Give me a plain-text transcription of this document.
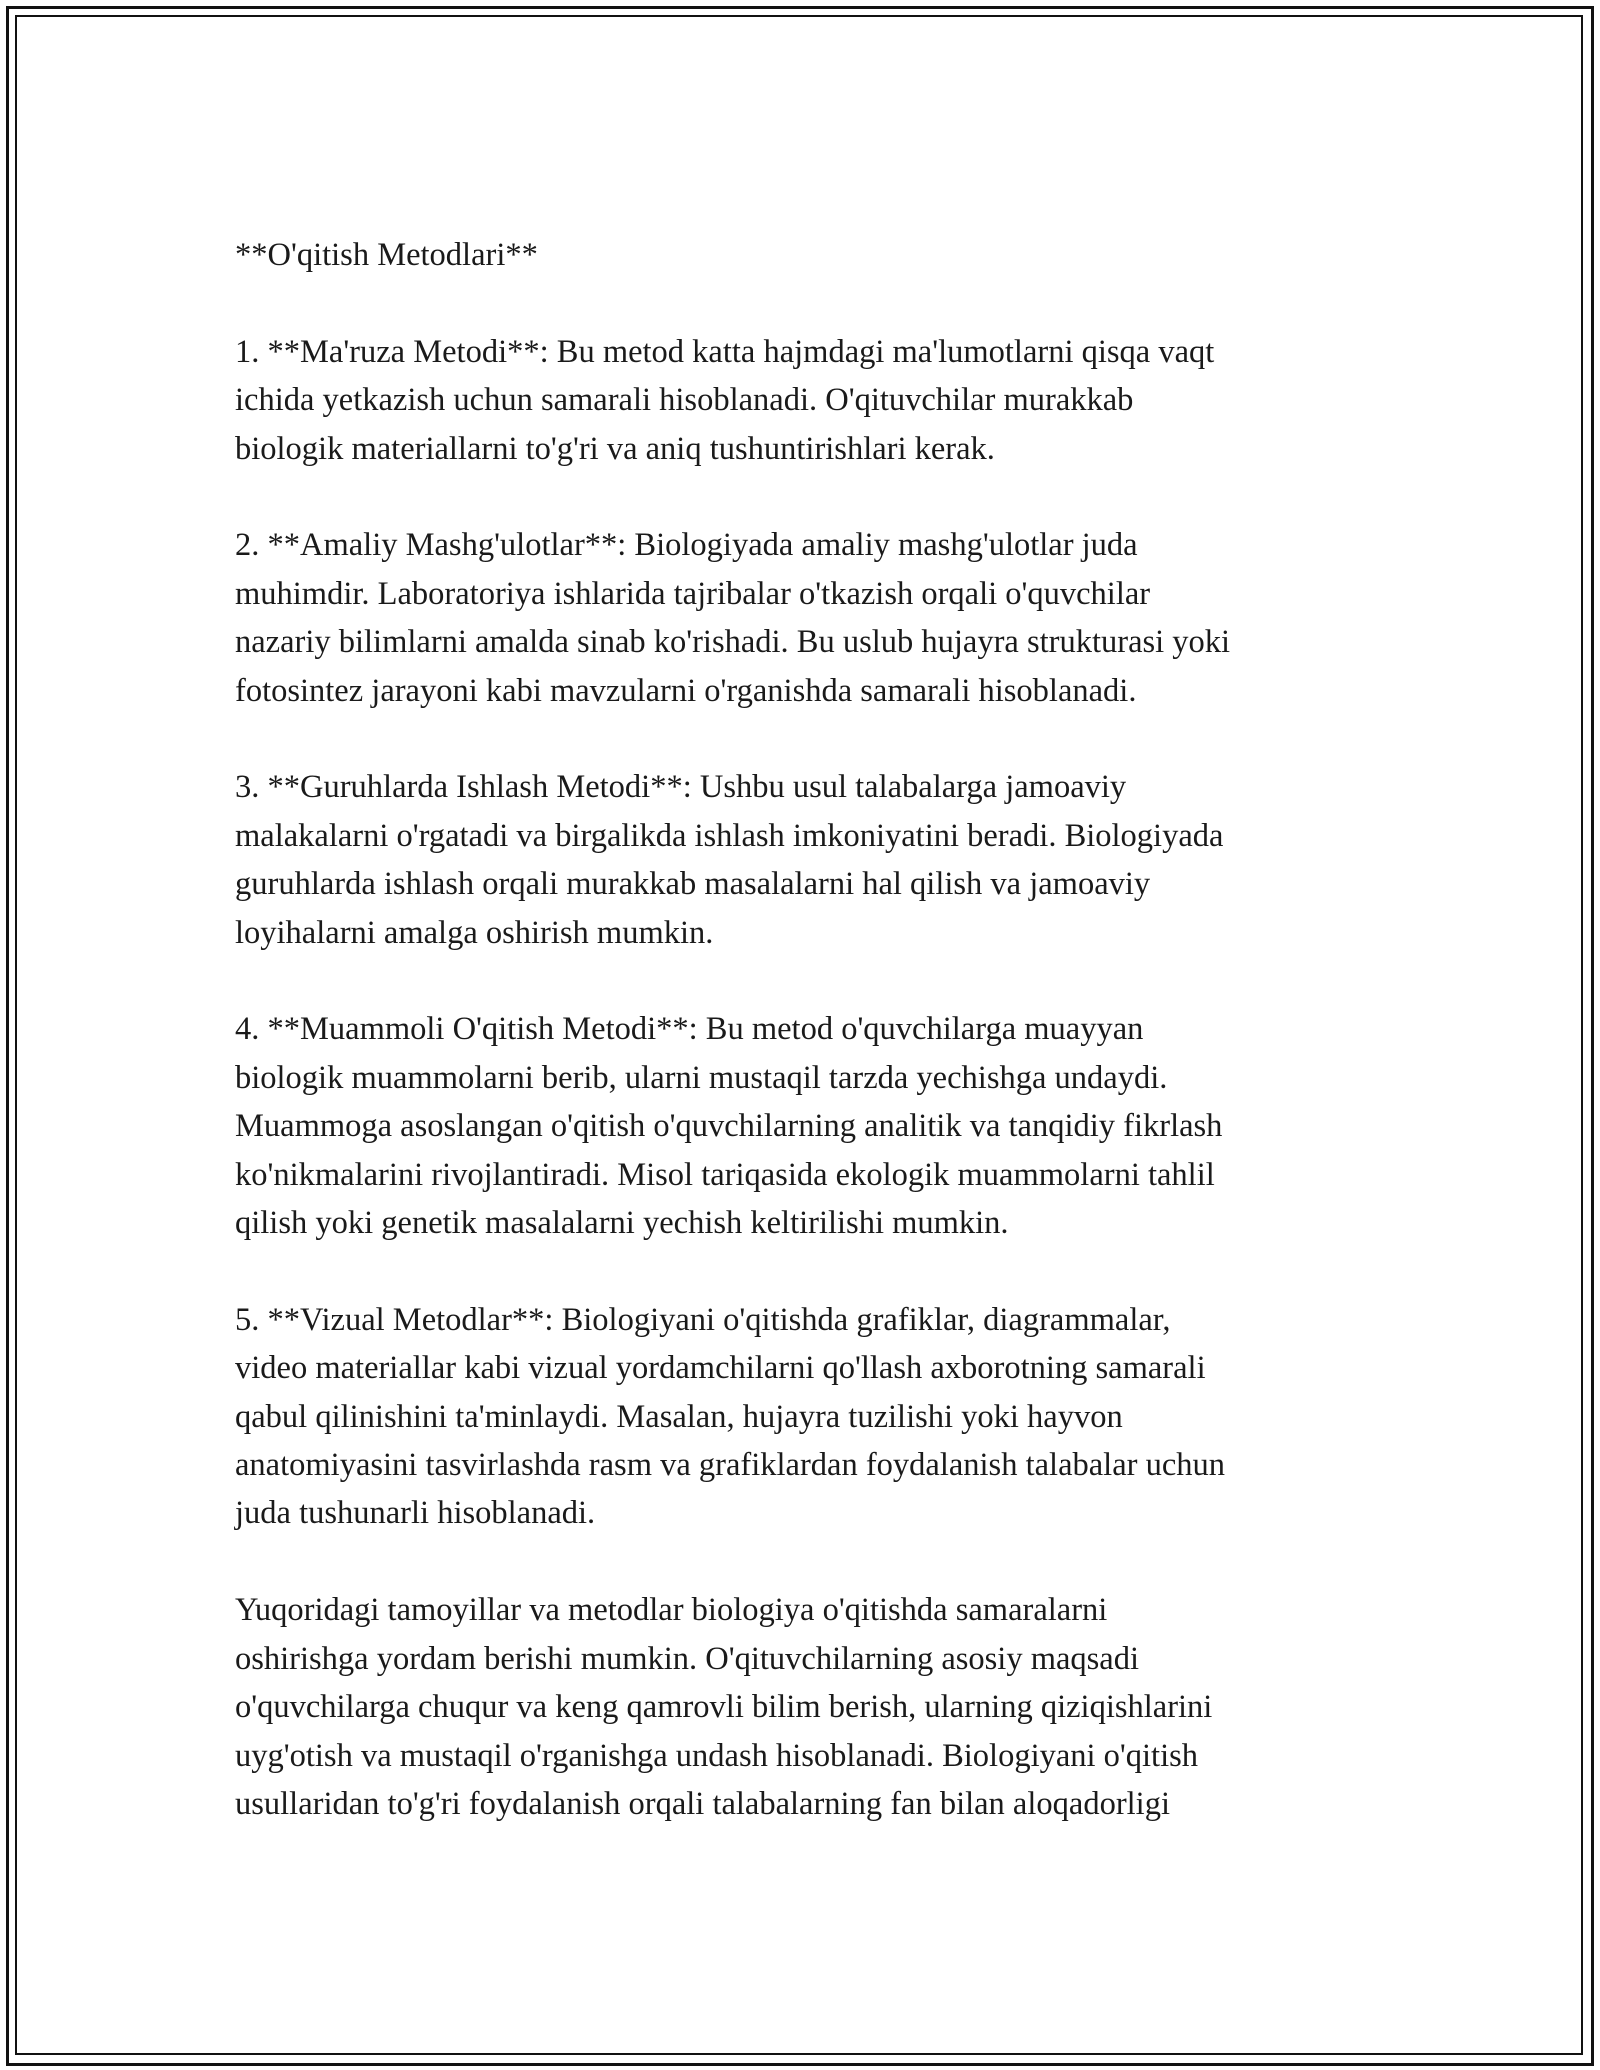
**O'qitish Metodlari**
1. **Ma'ruza Metodi**: Bu metod katta hajmdagi ma'lumotlarni qisqa vaqt
ichida yetkazish uchun samarali hisoblanadi. O'qituvchilar murakkab
biologik materiallarni to'g'ri va aniq tushuntirishlari kerak.
2. **Amaliy Mashg'ulotlar**: Biologiyada amaliy mashg'ulotlar juda
muhimdir. Laboratoriya ishlarida tajribalar o'tkazish orqali o'quvchilar
nazariy bilimlarni amalda sinab ko'rishadi. Bu uslub hujayra strukturasi yoki
fotosintez jarayoni kabi mavzularni o'rganishda samarali hisoblanadi.
3. **Guruhlarda Ishlash Metodi**: Ushbu usul talabalarga jamoaviy
malakalarni o'rgatadi va birgalikda ishlash imkoniyatini beradi. Biologiyada
guruhlarda ishlash orqali murakkab masalalarni hal qilish va jamoaviy
loyihalarni amalga oshirish mumkin.
4. **Muammoli O'qitish Metodi**: Bu metod o'quvchilarga muayyan
biologik muammolarni berib, ularni mustaqil tarzda yechishga undaydi.
Muammoga asoslangan o'qitish o'quvchilarning analitik va tanqidiy fikrlash
ko'nikmalarini rivojlantiradi. Misol tariqasida ekologik muammolarni tahlil
qilish yoki genetik masalalarni yechish keltirilishi mumkin.
5. **Vizual Metodlar**: Biologiyani o'qitishda grafiklar, diagrammalar,
video materiallar kabi vizual yordamchilarni qo'llash axborotning samarali
qabul qilinishini ta'minlaydi. Masalan, hujayra tuzilishi yoki hayvon
anatomiyasini tasvirlashda rasm va grafiklardan foydalanish talabalar uchun
juda tushunarli hisoblanadi.
Yuqoridagi tamoyillar va metodlar biologiya o'qitishda samaralarni
oshirishga yordam berishi mumkin. O'qituvchilarning asosiy maqsadi
o'quvchilarga chuqur va keng qamrovli bilim berish, ularning qiziqishlarini
uyg'otish va mustaqil o'rganishga undash hisoblanadi. Biologiyani o'qitish
usullaridan to'g'ri foydalanish orqali talabalarning fan bilan aloqadorligi
